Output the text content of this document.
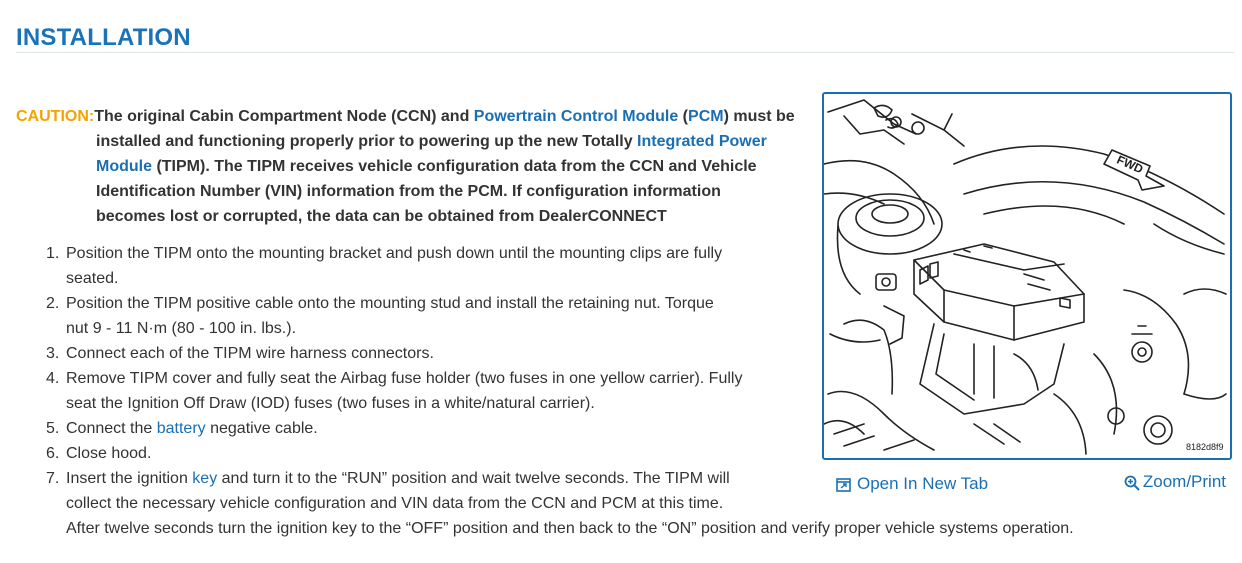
INSTALLATION
CAUTION:The original Cabin Compartment Node (CCN) and Powertrain Control Module (PCM) must be
installed and functioning properly prior to powering up the new Totally Integrated Power
Module (TIPM). The TIPM receives vehicle configuration data from the CCN and Vehicle
Identification Number (VIN) information from the PCM. If configuration information
becomes lost or corrupted, the data can be obtained from DealerCONNECT
1. Position the TIPM onto the mounting bracket and push down until the mounting clips are fully
seated.
2. Position the TIPM positive cable onto the mounting stud and install the retaining nut. Torque
nut 9 - 11 N·m (80 - 100 in. lbs.).
3. Connect each of the TIPM wire harness connectors.
4. Remove TIPM cover and fully seat the Airbag fuse holder (two fuses in one yellow carrier). Fully
seat the Ignition Off Draw (IOD) fuses (two fuses in a white/natural carrier).
5. Connect the battery negative cable.
6. Close hood.
7. Insert the ignition key and turn it to the “RUN” position and wait twelve seconds. The TIPM will
collect the necessary vehicle configuration and VIN data from the CCN and PCM at this time.
After twelve seconds turn the ignition key to the “OFF” position and then back to the “ON” position and verify proper vehicle systems operation.
FWD
8182d8f9
Open In New Tab	Zoom/Print
